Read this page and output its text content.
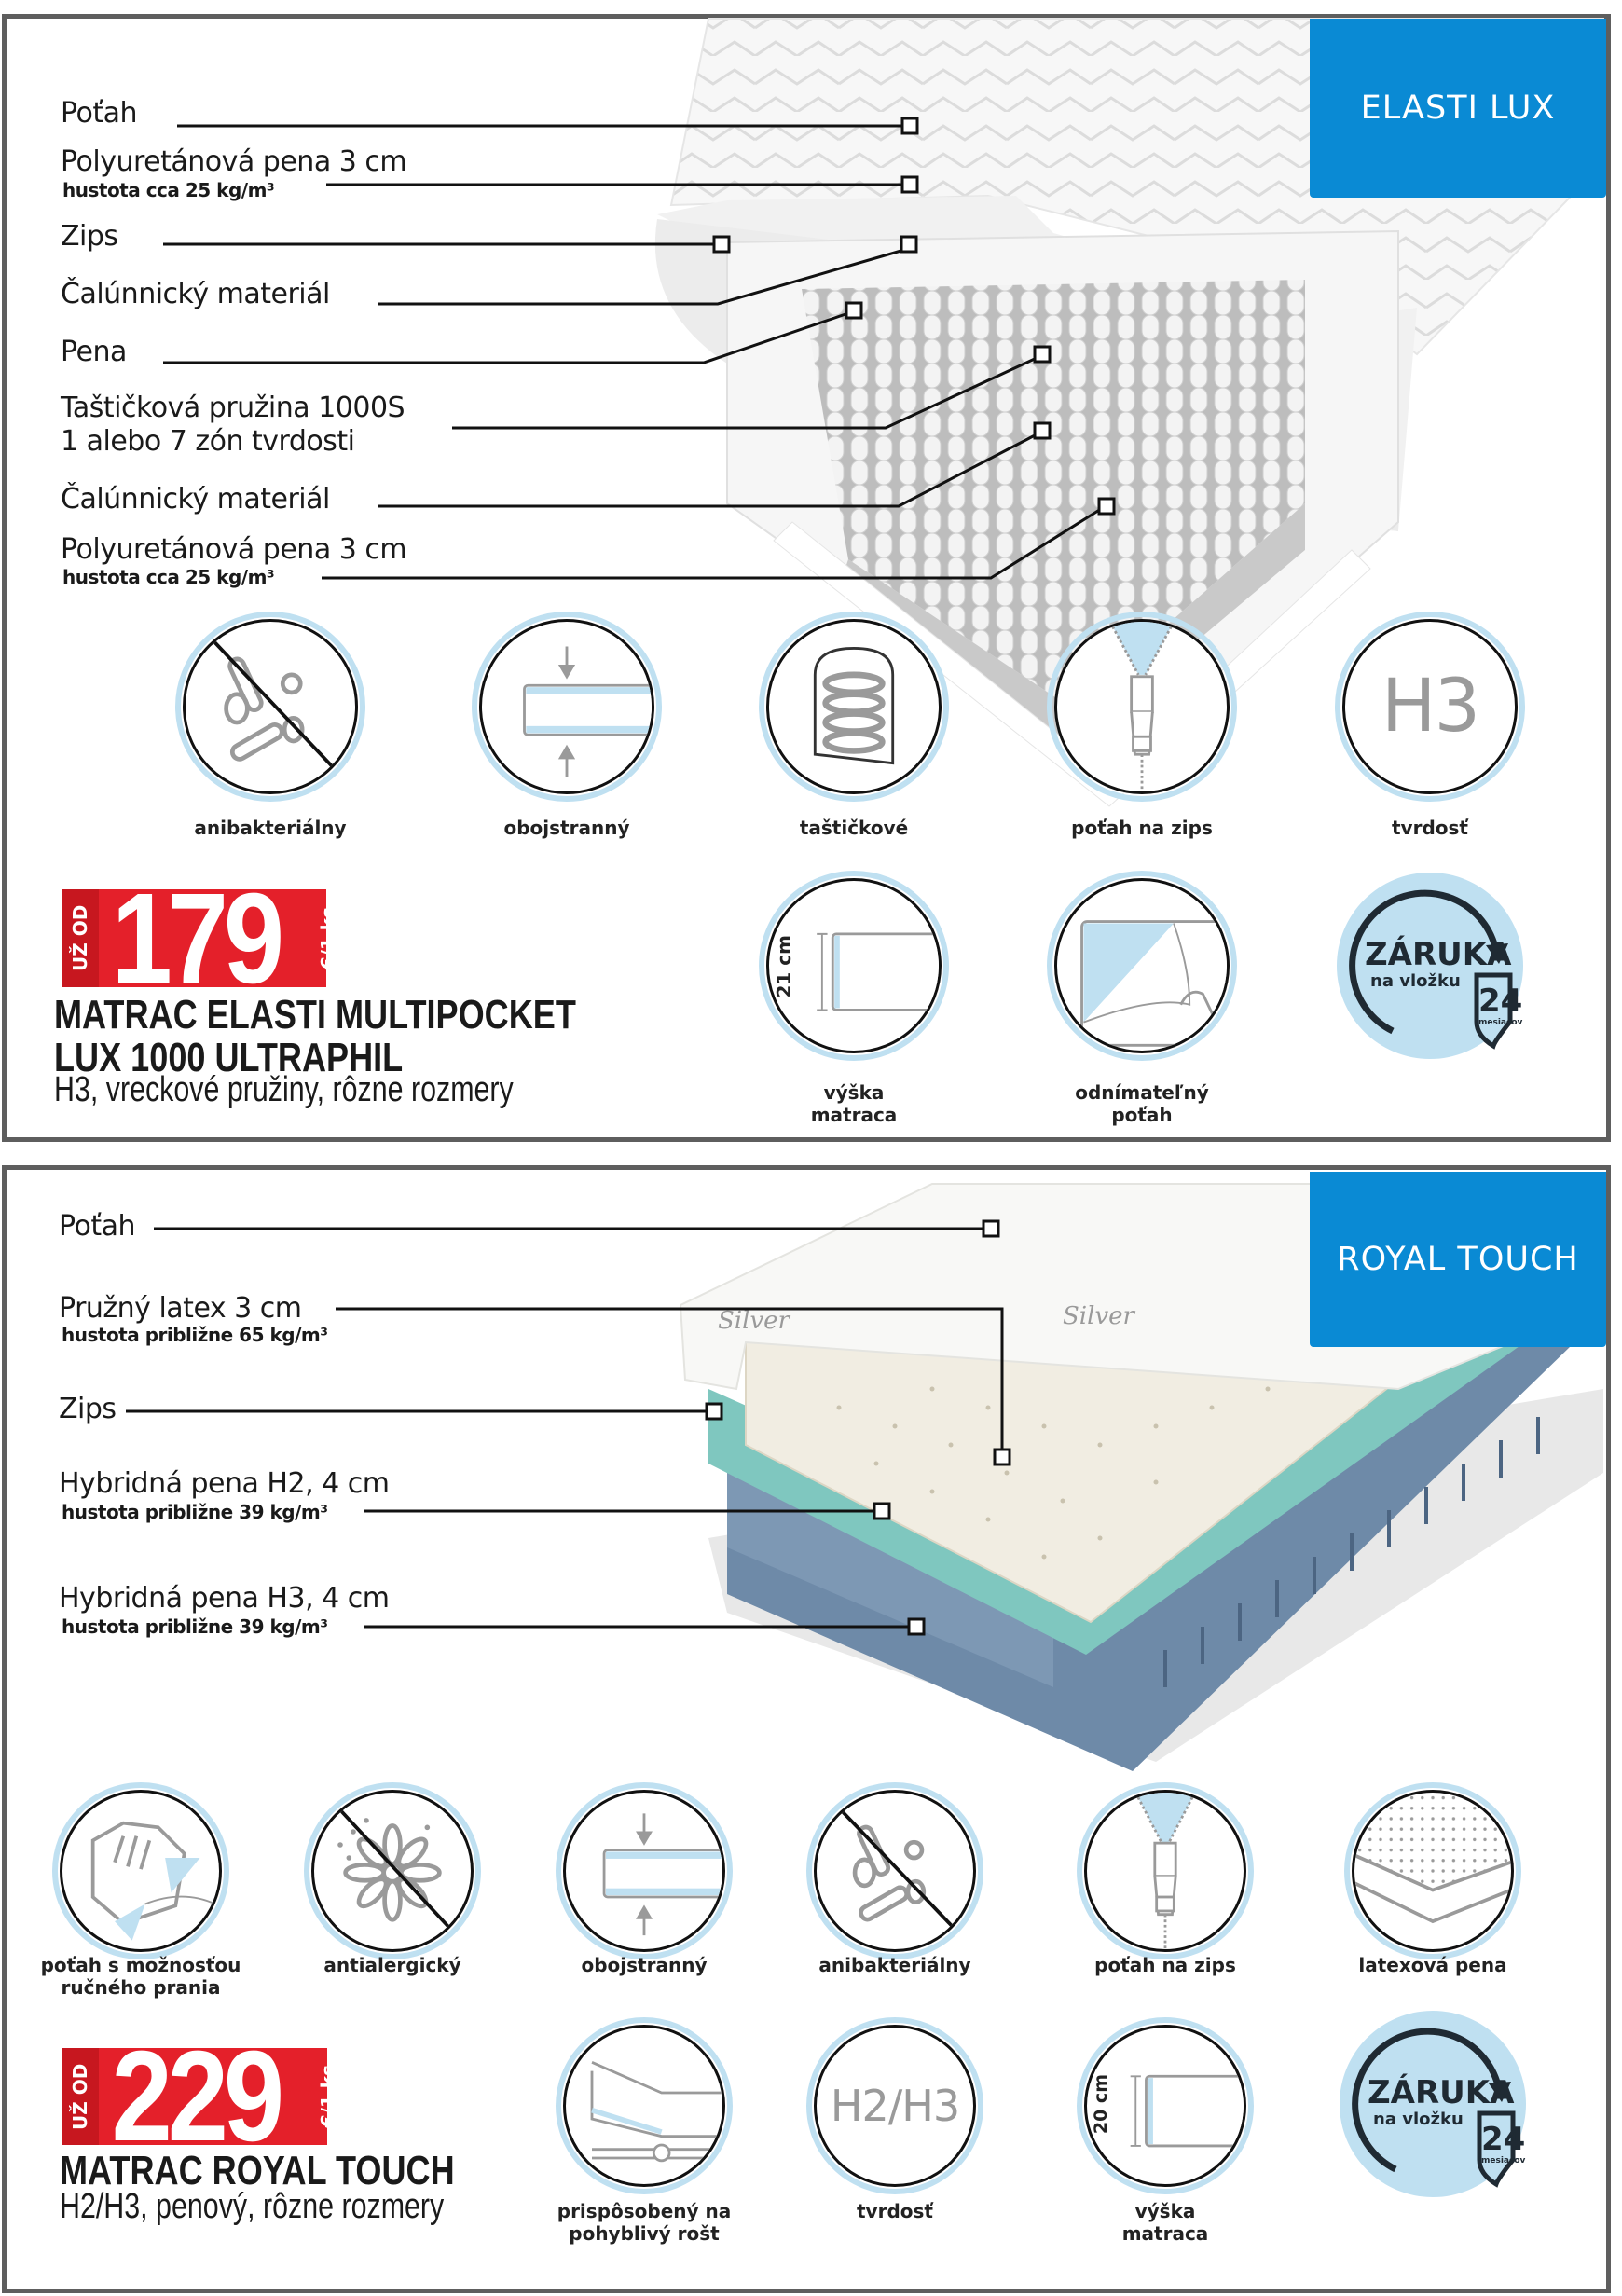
ELASTI LUX
Poťah
Polyuretánová pena 3 cm
hustota cca 25 kg/m³
Zips
Čalúnnický materiál
Pena
Taštičková pružina 1000S
1 alebo 7 zón tvrdosti
Čalúnnický materiál
Polyuretánová pena 3 cm
hustota cca 25 kg/m³
anibakteriálny	obojstranný	taštičkové	poťah na zips
H3
tvrdosť
21 cm
výška matraca
odnímateľný poťah
ZÁRUKA
na vložku
24
mesiacov
UŽ OD 179 €/1 ks
MATRAC ELASTI MULTIPOCKET
LUX 1000 ULTRAPHIL
H3, vreckové pružiny, rôzne rozmery
Silver
Silver
ROYAL TOUCH
Poťah
Pružný latex 3 cm
hustota približne 65 kg/m³
Zips
Hybridná pena H2, 4 cm
hustota približne 39 kg/m³
Hybridná pena H3, 4 cm
hustota približne 39 kg/m³
poťah s možnosťou ručného prania
antialergický	obojstranný	anibakteriálny	poťah na zips	latexová pena
prispôsobený na pohyblivý rošt
H2/H3
tvrdosť
20 cm
výška matraca
ZÁRUKA
na vložku
24
mesiacov
UŽ OD 229 €/1 ks
MATRAC ROYAL TOUCH
H2/H3, penový, rôzne rozmery
